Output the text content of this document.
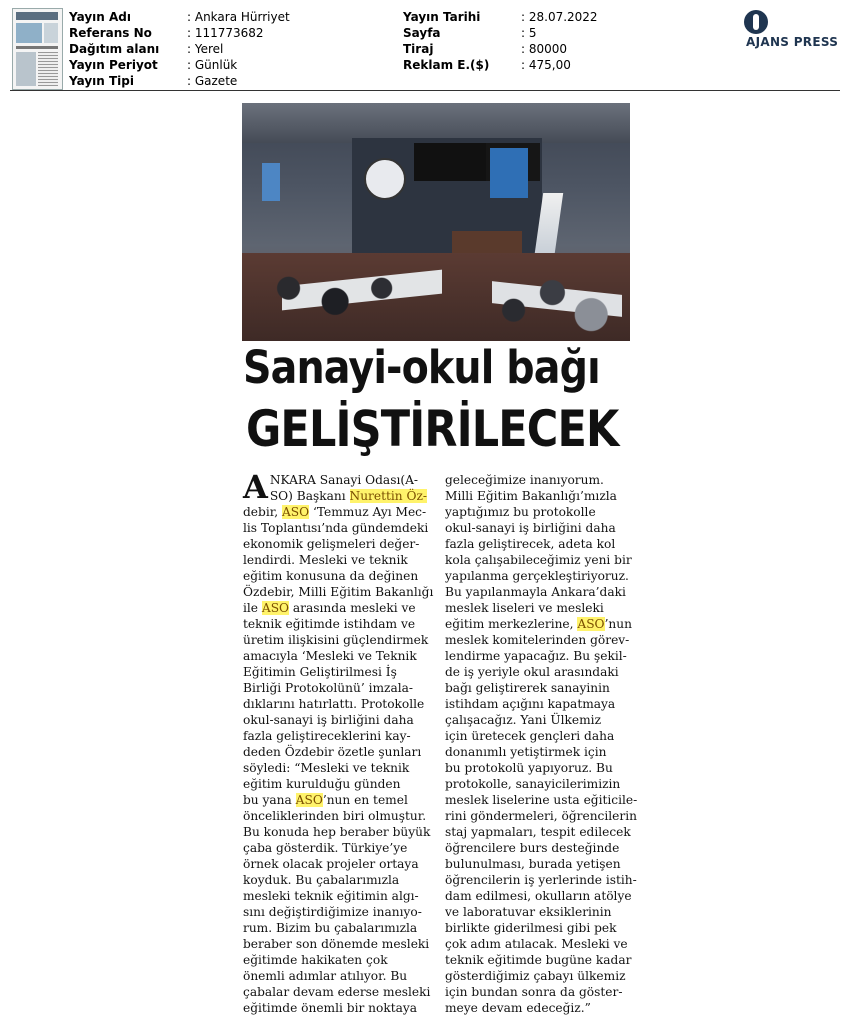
Yayın Adı	: Ankara Hürriyet
Referans No	: 111773682
Dağıtım alanı	: Yerel
Yayın Periyot	: Günlük
Yayın Tipi	: Gazete
Yayın Tarihi	: 28.07.2022
Sayfa	: 5
Tiraj	: 80000
Reklam E.($)	: 475,00
AJANS PRESS
Sanayi-okul bağı
GELİŞTİRİLECEK
A NKARA Sanayi Odası(A-
SO) Başkanı Nurettin Öz-
debir, ASO ‘Temmuz Ayı Mec-
lis Toplantısı’nda gündemdeki
ekonomik gelişmeleri değer-
lendirdi. Mesleki ve teknik
eğitim konusuna da değinen
Özdebir, Milli Eğitim Bakanlığı
ile ASO arasında mesleki ve
teknik eğitimde istihdam ve
üretim ilişkisini güçlendirmek
amacıyla ‘Mesleki ve Teknik
Eğitimin Geliştirilmesi İş
Birliği Protokolünü’ imzala-
dıklarını hatırlattı. Protokolle
okul-sanayi iş birliğini daha
fazla geliştireceklerini kay-
deden Özdebir özetle şunları
söyledi: “Mesleki ve teknik
eğitim kurulduğu günden
bu yana ASO’nun en temel
önceliklerinden biri olmuştur.
Bu konuda hep beraber büyük
çaba gösterdik. Türkiye’ye
örnek olacak projeler ortaya
koyduk. Bu çabalarımızla
mesleki teknik eğitimin algı-
sını değiştirdiğimize inanıyo-
rum. Bizim bu çabalarımızla
beraber son dönemde mesleki
eğitimde hakikaten çok
önemli adımlar atılıyor. Bu
çabalar devam ederse mesleki
eğitimde önemli bir noktaya
geleceğimize inanıyorum.
Milli Eğitim Bakanlığı’mızla
yaptığımız bu protokolle
okul-sanayi iş birliğini daha
fazla geliştirecek, adeta kol
kola çalışabileceğimiz yeni bir
yapılanma gerçekleştiriyoruz.
Bu yapılanmayla Ankara’daki
meslek liseleri ve mesleki
eğitim merkezlerine, ASO’nun
meslek komitelerinden görev-
lendirme yapacağız. Bu şekil-
de iş yeriyle okul arasındaki
bağı geliştirerek sanayinin
istihdam açığını kapatmaya
çalışacağız. Yani Ülkemiz
için üretecek gençleri daha
donanımlı yetiştirmek için
bu protokolü yapıyoruz. Bu
protokolle, sanayicilerimizin
meslek liselerine usta eğiticile-
rini göndermeleri, öğrencilerin
staj yapmaları, tespit edilecek
öğrencilere burs desteğinde
bulunulması, burada yetişen
öğrencilerin iş yerlerinde istih-
dam edilmesi, okulların atölye
ve laboratuvar eksiklerinin
birlikte giderilmesi gibi pek
çok adım atılacak. Mesleki ve
teknik eğitimde bugüne kadar
gösterdiğimiz çabayı ülkemiz
için bundan sonra da göster-
meye devam edeceğiz.”
